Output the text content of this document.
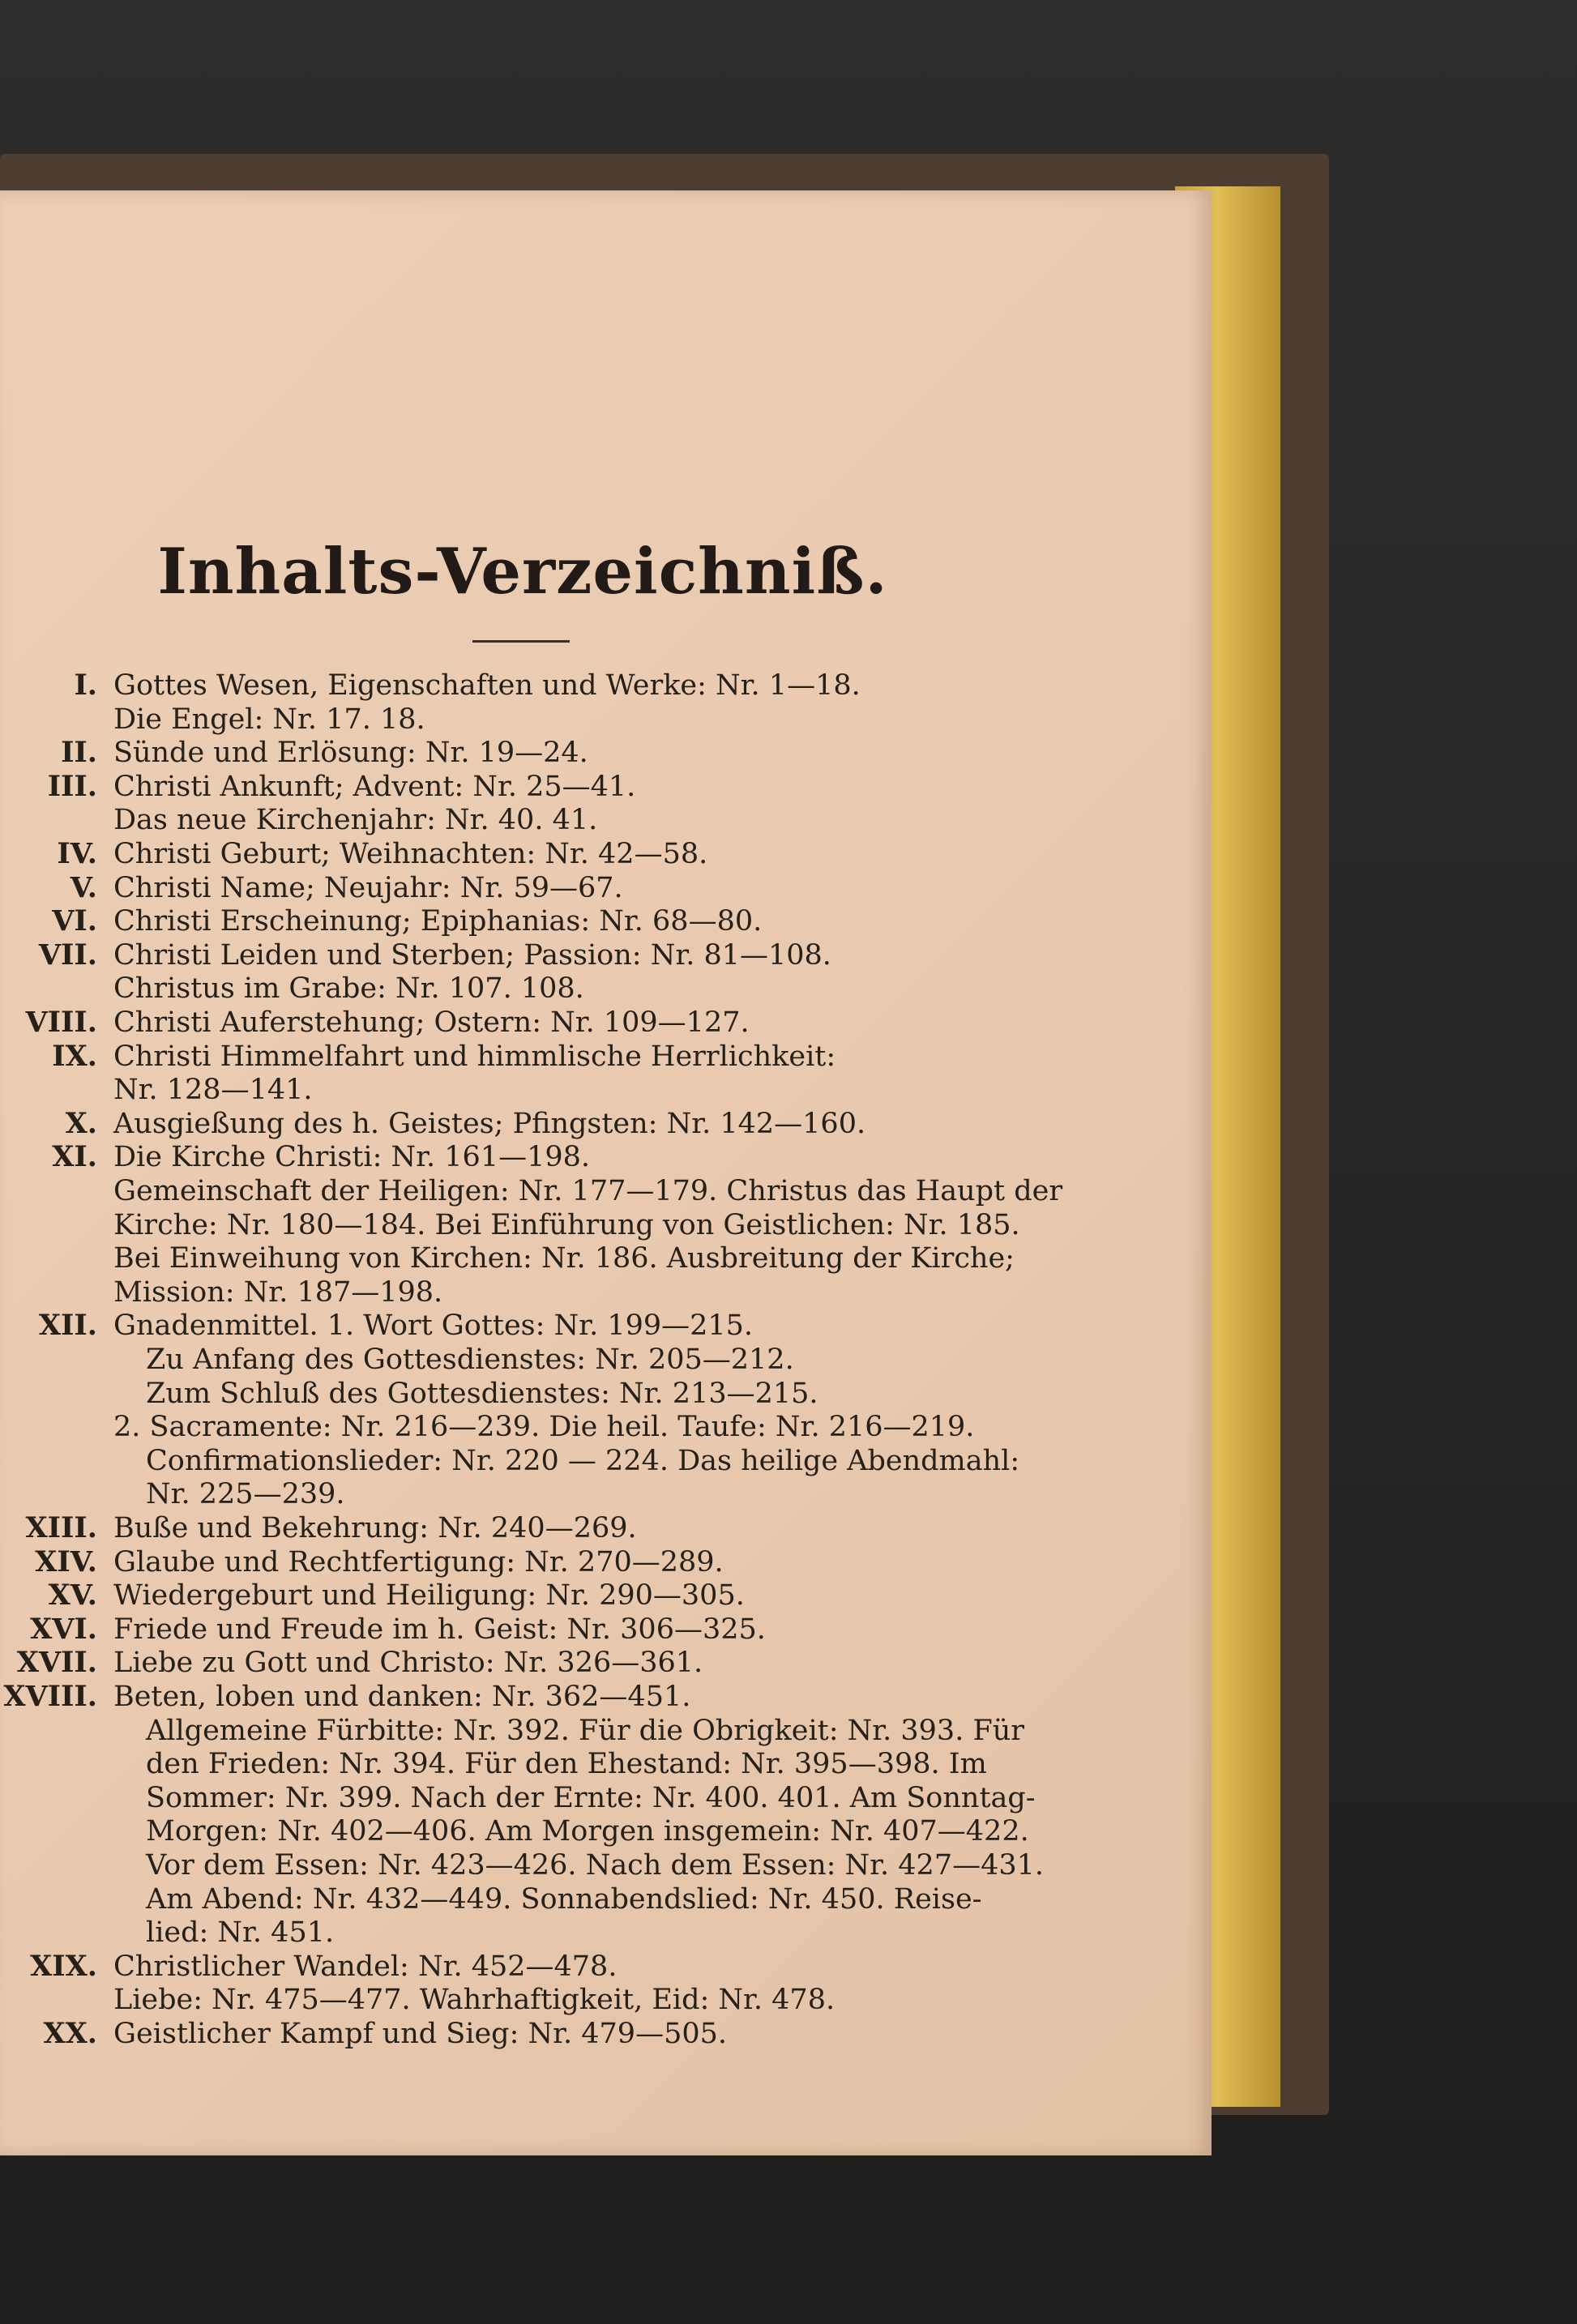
Inhalts-Verzeichniß.
I. Gottes Wesen, Eigenschaften und Werke: Nr. 1—18.
Die Engel: Nr. 17. 18.
II. Sünde und Erlösung: Nr. 19—24.
III. Christi Ankunft; Advent: Nr. 25—41.
Das neue Kirchenjahr: Nr. 40. 41.
IV. Christi Geburt; Weihnachten: Nr. 42—58.
V. Christi Name; Neujahr: Nr. 59—67.
VI. Christi Erscheinung; Epiphanias: Nr. 68—80.
VII. Christi Leiden und Sterben; Passion: Nr. 81—108.
Christus im Grabe: Nr. 107. 108.
VIII. Christi Auferstehung; Ostern: Nr. 109—127.
IX. Christi Himmelfahrt und himmlische Herrlichkeit:
Nr. 128—141.
X. Ausgießung des h. Geistes; Pfingsten: Nr. 142—160.
XI. Die Kirche Christi: Nr. 161—198.
Gemeinschaft der Heiligen: Nr. 177—179. Christus das Haupt der
Kirche: Nr. 180—184. Bei Einführung von Geistlichen: Nr. 185.
Bei Einweihung von Kirchen: Nr. 186. Ausbreitung der Kirche;
Mission: Nr. 187—198.
XII. Gnadenmittel. 1. Wort Gottes: Nr. 199—215.
Zu Anfang des Gottesdienstes: Nr. 205—212.
Zum Schluß des Gottesdienstes: Nr. 213—215.
2. Sacramente: Nr. 216—239. Die heil. Taufe: Nr. 216—219.
Confirmationslieder: Nr. 220 — 224. Das heilige Abendmahl:
Nr. 225—239.
XIII. Buße und Bekehrung: Nr. 240—269.
XIV. Glaube und Rechtfertigung: Nr. 270—289.
XV. Wiedergeburt und Heiligung: Nr. 290—305.
XVI. Friede und Freude im h. Geist: Nr. 306—325.
XVII. Liebe zu Gott und Christo: Nr. 326—361.
XVIII. Beten, loben und danken: Nr. 362—451.
Allgemeine Fürbitte: Nr. 392. Für die Obrigkeit: Nr. 393. Für
den Frieden: Nr. 394. Für den Ehestand: Nr. 395—398. Im
Sommer: Nr. 399. Nach der Ernte: Nr. 400. 401. Am Sonntag-
Morgen: Nr. 402—406. Am Morgen insgemein: Nr. 407—422.
Vor dem Essen: Nr. 423—426. Nach dem Essen: Nr. 427—431.
Am Abend: Nr. 432—449. Sonnabendslied: Nr. 450. Reise-
lied: Nr. 451.
XIX. Christlicher Wandel: Nr. 452—478.
Liebe: Nr. 475—477. Wahrhaftigkeit, Eid: Nr. 478.
XX. Geistlicher Kampf und Sieg: Nr. 479—505.
